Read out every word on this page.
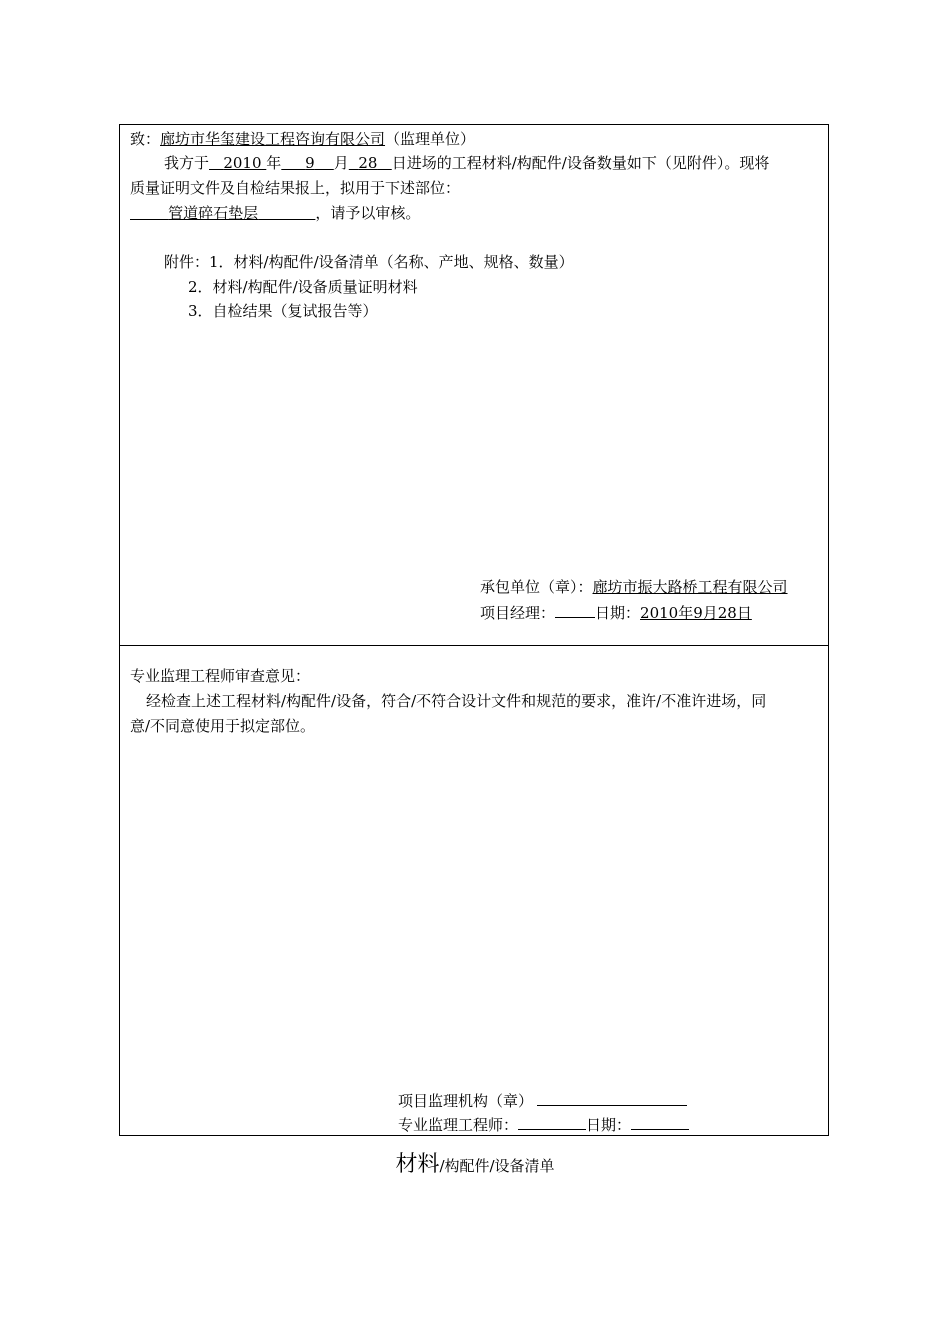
致：廊坊市华玺建设工程咨询有限公司（监理单位）
我方于 2010 年 9 月 28 日进场的工程材料/构配件/设备数量如下（见附件）。现将
质量证明文件及自检结果报上，拟用于下述部位：
管道碎石垫层	，请予以审核。
附件：1．材料/构配件/设备清单（名称、产地、规格、数量）
2．材料/构配件/设备质量证明材料
3．自检结果（复试报告等）
承包单位（章）：廊坊市振大路桥工程有限公司
项目经理：	日期：2010年9月28日
专业监理工程师审查意见：
经检查上述工程材料/构配件/设备，符合/不符合设计文件和规范的要求，准许/不准许进场，同
意/不同意使用于拟定部位。
项目监理机构（章）
专业监理工程师：	日期：
材料/构配件/设备清单
